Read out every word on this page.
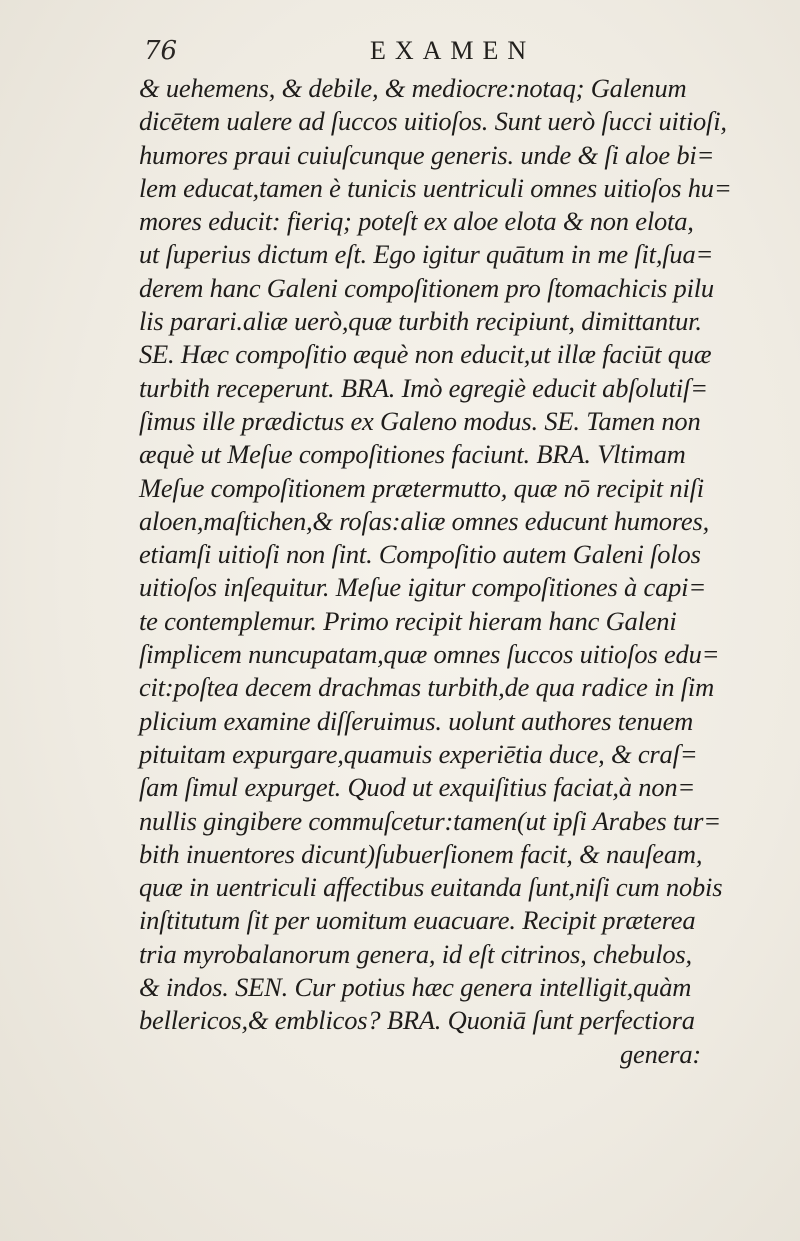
76	EXAMEN
& uehemens, & debile, & mediocre:notaq; Galenum
dicētem ualere ad ſuccos uitioſos. Sunt uerò ſucci uitioſi,
humores praui cuiuſcunque generis. unde & ſi aloe bi=
lem educat,tamen è tunicis uentriculi omnes uitioſos hu=
mores educit: fieriq; poteſt ex aloe elota & non elota,
ut ſuperius dictum eſt. Ego igitur quātum in me ſit,ſua=
derem hanc Galeni compoſitionem pro ſtomachicis pilu
lis parari.aliæ uerò,quæ turbith recipiunt, dimittantur.
SE. Hæc compoſitio æquè non educit,ut illæ faciūt quæ
turbith receperunt. BRA. Imò egregiè educit abſolutiſ=
ſimus ille prædictus ex Galeno modus. SE. Tamen non
æquè ut Meſue compoſitiones faciunt. BRA. Vltimam
Meſue compoſitionem prætermutto, quæ nō recipit niſi
aloen,maſtichen,& roſas:aliæ omnes educunt humores,
etiamſi uitioſi non ſint. Compoſitio autem Galeni ſolos
uitioſos inſequitur. Meſue igitur compoſitiones à capi=
te contemplemur. Primo recipit hieram hanc Galeni
ſimplicem nuncupatam,quæ omnes ſuccos uitioſos edu=
cit:poſtea decem drachmas turbith,de qua radice in ſim
plicium examine diſſeruimus. uolunt authores tenuem
pituitam expurgare,quamuis experiētia duce, & craſ=
ſam ſimul expurget. Quod ut exquiſitius faciat,à non=
nullis gingibere commuſcetur:tamen(ut ipſi Arabes tur=
bith inuentores dicunt)ſubuerſionem facit, & nauſeam,
quæ in uentriculi affectibus euitanda ſunt,niſi cum nobis
inſtitutum ſit per uomitum euacuare. Recipit præterea
tria myrobalanorum genera, id eſt citrinos, chebulos,
& indos. SEN. Cur potius hæc genera intelligit,quàm
bellericos,& emblicos? BRA. Quoniā ſunt perfectiora
genera:
